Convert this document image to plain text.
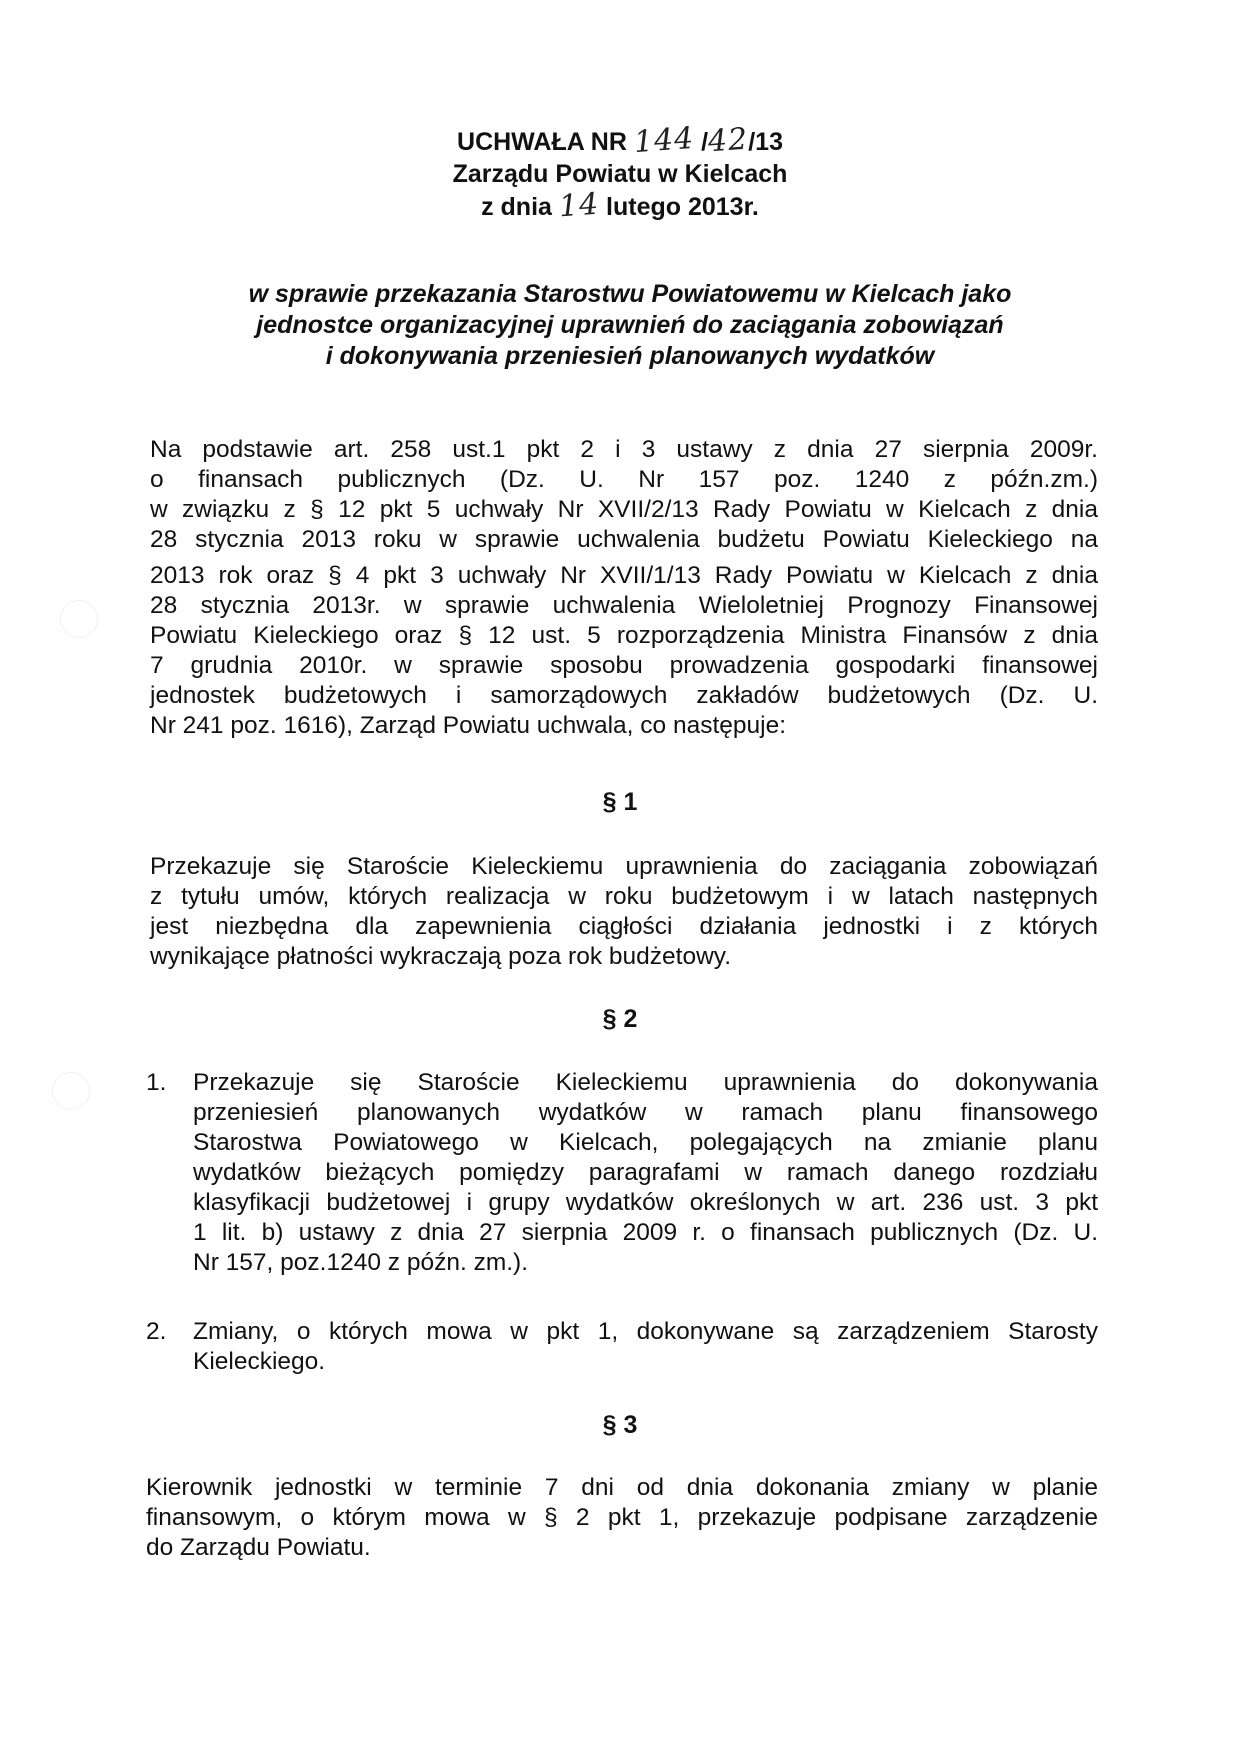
UCHWAŁA NR 144 /42/13
Zarządu Powiatu w Kielcach
z dnia 14 lutego 2013r.
w sprawie przekazania Starostwu Powiatowemu w Kielcach jako
jednostce organizacyjnej uprawnień do zaciągania zobowiązań
i dokonywania przeniesień planowanych wydatków
Na podstawie art. 258 ust.1 pkt 2 i 3 ustawy z dnia 27 sierpnia 2009r.
o finansach publicznych (Dz. U. Nr 157 poz. 1240 z późn.zm.)
w związku z § 12 pkt 5 uchwały Nr XVII/2/13 Rady Powiatu w Kielcach z dnia
28 stycznia 2013 roku w sprawie uchwalenia budżetu Powiatu Kieleckiego na
2013 rok oraz § 4 pkt 3 uchwały Nr XVII/1/13 Rady Powiatu w Kielcach z dnia
28 stycznia 2013r. w sprawie uchwalenia Wieloletniej Prognozy Finansowej
Powiatu Kieleckiego oraz § 12 ust. 5 rozporządzenia Ministra Finansów z dnia
7 grudnia 2010r. w sprawie sposobu prowadzenia gospodarki finansowej
jednostek budżetowych i samorządowych zakładów budżetowych (Dz. U.
Nr 241 poz. 1616), Zarząd Powiatu uchwala, co następuje:
§ 1
Przekazuje się Staroście Kieleckiemu uprawnienia do zaciągania zobowiązań
z tytułu umów, których realizacja w roku budżetowym i w latach następnych
jest niezbędna dla zapewnienia ciągłości działania jednostki i z których
wynikające płatności wykraczają poza rok budżetowy.
§ 2
1. Przekazuje się Staroście Kieleckiemu uprawnienia do dokonywania
przeniesień planowanych wydatków w ramach planu finansowego
Starostwa Powiatowego w Kielcach, polegających na zmianie planu
wydatków bieżących pomiędzy paragrafami w ramach danego rozdziału
klasyfikacji budżetowej i grupy wydatków określonych w art. 236 ust. 3 pkt
1 lit. b) ustawy z dnia 27 sierpnia 2009 r. o finansach publicznych (Dz. U.
Nr 157, poz.1240 z późn. zm.).
2. Zmiany, o których mowa w pkt 1, dokonywane są zarządzeniem Starosty
Kieleckiego.
§ 3
Kierownik jednostki w terminie 7 dni od dnia dokonania zmiany w planie
finansowym, o którym mowa w § 2 pkt 1, przekazuje podpisane zarządzenie
do Zarządu Powiatu.
